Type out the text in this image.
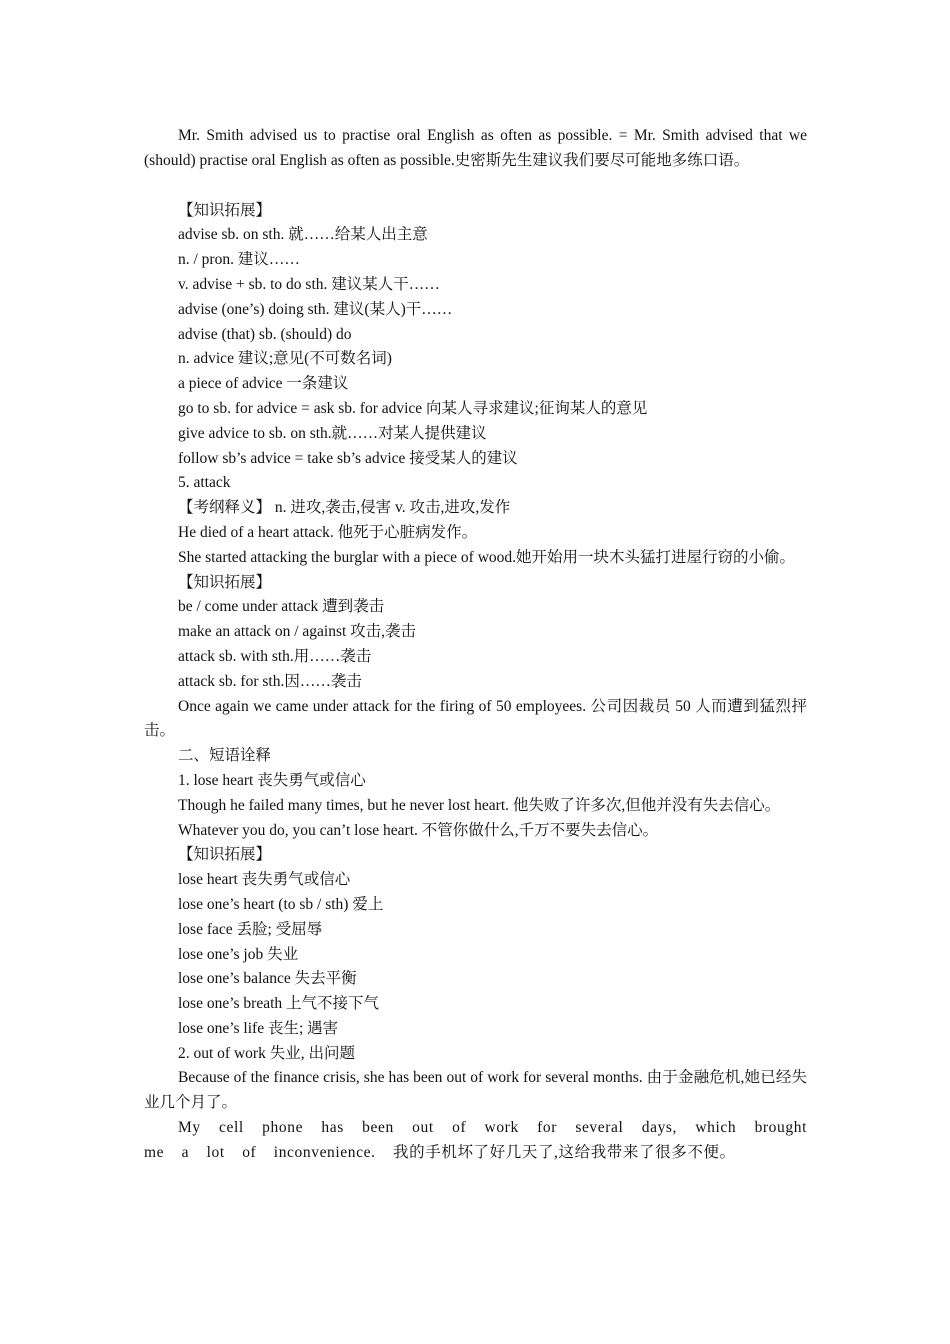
Mr. Smith advised us to practise oral English as often as possible. = Mr. Smith advised that we (should) practise oral English as often as possible.史密斯先生建议我们要尽可能地多练口语。
【知识拓展】
advise sb. on sth. 就……给某人出主意
n. / pron. 建议……
v. advise + sb. to do sth. 建议某人干……
advise (one’s) doing sth. 建议(某人)干……
advise (that) sb. (should) do
n. advice 建议;意见(不可数名词)
a piece of advice 一条建议
go to sb. for advice = ask sb. for advice 向某人寻求建议;征询某人的意见
give advice to sb. on sth.就……对某人提供建议
follow sb’s advice = take sb’s advice 接受某人的建议
5. attack
【考纲释义】 n. 进攻,袭击,侵害 v. 攻击,进攻,发作
He died of a heart attack. 他死于心脏病发作。
She started attacking the burglar with a piece of wood.她开始用一块木头猛打进屋行窃的小偷。
【知识拓展】
be / come under attack 遭到袭击
make an attack on / against 攻击,袭击
attack sb. with sth.用……袭击
attack sb. for sth.因……袭击
Once again we came under attack for the firing of 50 employees. 公司因裁员 50 人而遭到猛烈抨击。
二、短语诠释
1. lose heart 丧失勇气或信心
Though he failed many times, but he never lost heart. 他失败了许多次,但他并没有失去信心。
Whatever you do, you can’t lose heart. 不管你做什么,千万不要失去信心。
【知识拓展】
lose heart 丧失勇气或信心
lose one’s heart (to sb / sth) 爱上
lose face 丢脸; 受屈辱
lose one’s job 失业
lose one’s balance 失去平衡
lose one’s breath 上气不接下气
lose one’s life 丧生; 遇害
2. out of work 失业, 出问题
Because of the finance crisis, she has been out of work for several months. 由于金融危机,她已经失业几个月了。
My cell phone has been out of work for several days, which brought me a lot of inconvenience. 我的手机坏了好几天了,这给我带来了很多不便。
